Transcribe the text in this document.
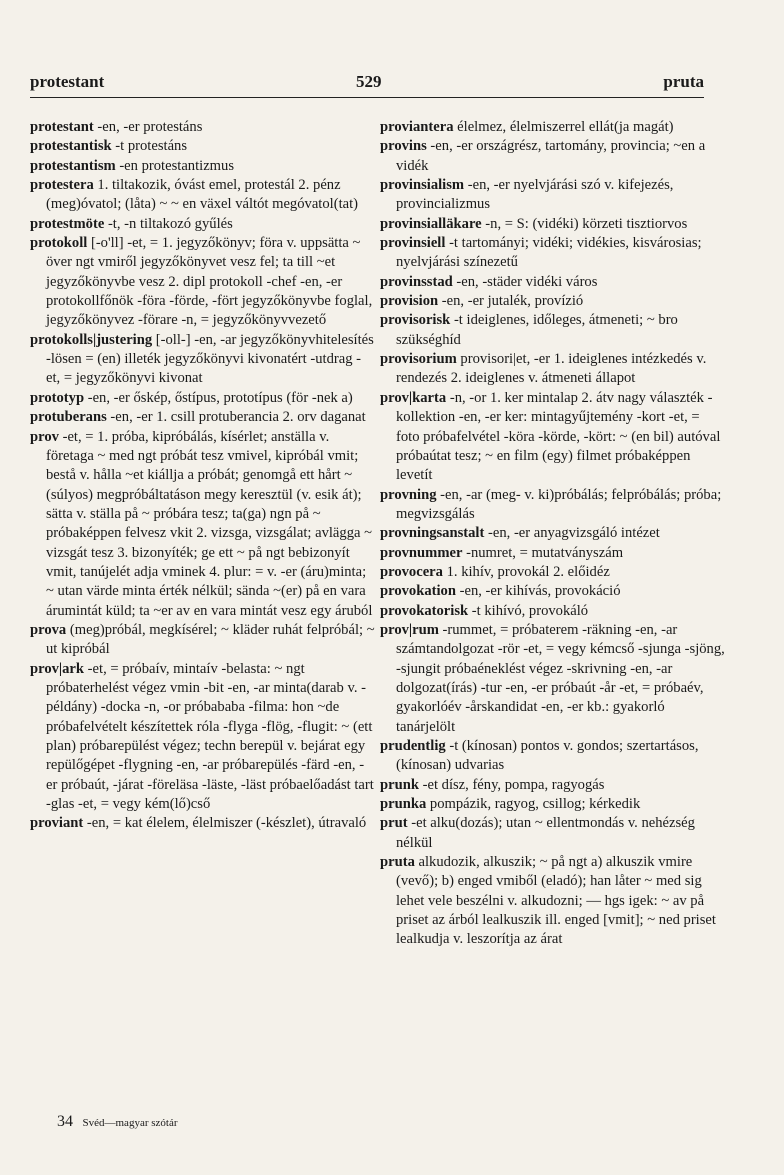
protestant	529	pruta

protestant -en, -er protestáns

protestantisk -t protestáns

protestantism -en protestantizmus

protestera 1. tiltakozik, óvást emel, protestál 2. pénz (meg)óvatol; (låta) ~ ~ en växel váltót megóvatol(tat)

protestmöte -t, -n tiltakozó gyűlés

protokoll [-o'll] -et, = 1. jegyzőkönyv; föra v. uppsätta ~ över ngt vmiről jegyzőkönyvet vesz fel; ta till ~et jegyzőkönyvbe vesz 2. dipl protokoll -chef -en, -er protokollfőnök -föra -förde, -fört jegyzőkönyvbe foglal, jegyzőkönyvez -förare -n, = jegyzőkönyvvezető

protokolls|justering [-oll-] -en, -ar jegyzőkönyvhitelesítés -lösen = (en) illeték jegyzőkönyvi kivonatért -utdrag -et, = jegyzőkönyvi kivonat

prototyp -en, -er őskép, őstípus, prototípus (för -nek a)

protuberans -en, -er 1. csill protuberancia 2. orv daganat

prov -et, = 1. próba, kipróbálás, kísérlet; anställa v. företaga ~ med ngt próbát tesz vmivel, kipróbál vmit; bestå v. hålla ~et kiállja a próbát; genomgå ett hårt ~ (súlyos) megpróbáltatáson megy keresztül (v. esik át); sätta v. ställa på ~ próbára tesz; ta(ga) ngn på ~ próbaképpen felvesz vkit 2. vizsga, vizsgálat; avlägga ~ vizsgát tesz 3. bizonyíték; ge ett ~ på ngt bebizonyít vmit, tanújelét adja vminek 4. plur: = v. -er (áru)minta; ~ utan värde minta érték nélkül; sända ~(er) på en vara árumintát küld; ta ~er av en vara mintát vesz egy áruból

prova (meg)próbál, megkísérel; ~ kläder ruhát felpróbál; ~ ut kipróbál

prov|ark -et, = próbaív, mintaív -belasta: ~ ngt próbaterhelést végez vmin -bit -en, -ar minta(darab v. -példány) -docka -n, -or próbababa -filma: hon ~de próbafelvételt készítettek róla -flyga -flög, -flugit: ~ (ett plan) próbarepülést végez; techn berepül v. bejárat egy repülőgépet -flygning -en, -ar próbarepülés -färd -en, -er próbaút, -járat -föreläsa -läste, -läst próbaelőadást tart -glas -et, = vegy kém(lő)cső

proviant -en, = kat élelem, élelmiszer (-készlet), útravaló

proviantera élelmez, élelmiszerrel ellát(ja magát)

provins -en, -er országrész, tartomány, provincia; ~en a vidék

provinsialism -en, -er nyelvjárási szó v. kifejezés, provincializmus

provinsialläkare -n, = S: (vidéki) körzeti tisztiorvos

provinsiell -t tartományi; vidéki; vidékies, kisvárosias; nyelvjárási színezetű

provinsstad -en, -städer vidéki város

provision -en, -er jutalék, provízió

provisorisk -t ideiglenes, időleges, átmeneti; ~ bro szükséghíd

provisorium provisori|et, -er 1. ideiglenes intézkedés v. rendezés 2. ideiglenes v. átmeneti állapot

prov|karta -n, -or 1. ker mintalap 2. átv nagy választék -kollektion -en, -er ker: mintagyűjtemény -kort -et, = foto próbafelvétel -köra -körde, -kört: ~ (en bil) autóval próbaútat tesz; ~ en film (egy) filmet próbaképpen levetít

provning -en, -ar (meg- v. ki)próbálás; felpróbálás; próba; megvizsgálás

provningsanstalt -en, -er anyagvizsgáló intézet

provnummer -numret, = mutatványszám

provocera 1. kihív, provokál 2. előidéz

provokation -en, -er kihívás, provokáció

provokatorisk -t kihívó, provokáló

prov|rum -rummet, = próbaterem -räkning -en, -ar számtandolgozat -rör -et, = vegy kémcső -sjunga -sjöng, -sjungit próbaéneklést végez -skrivning -en, -ar dolgozat(írás) -tur -en, -er próbaút -år -et, = próbaév, gyakorlóév -årskandidat -en, -er kb.: gyakorló tanárjelölt

prudentlig -t (kínosan) pontos v. gondos; szertartásos, (kínosan) udvarias

prunk -et dísz, fény, pompa, ragyogás

prunka pompázik, ragyog, csillog; kérkedik

prut -et alku(dozás); utan ~ ellentmondás v. nehézség nélkül

pruta alkudozik, alkuszik; ~ på ngt a) alkuszik vmire (vevő); b) enged vmiből (eladó); han låter ~ med sig lehet vele beszélni v. alkudozni; — hgs igek: ~ av på priset az árból lealkuszik ill. enged [vmit]; ~ ned priset lealkudja v. leszorítja az árat

34 Svéd—magyar szótár
